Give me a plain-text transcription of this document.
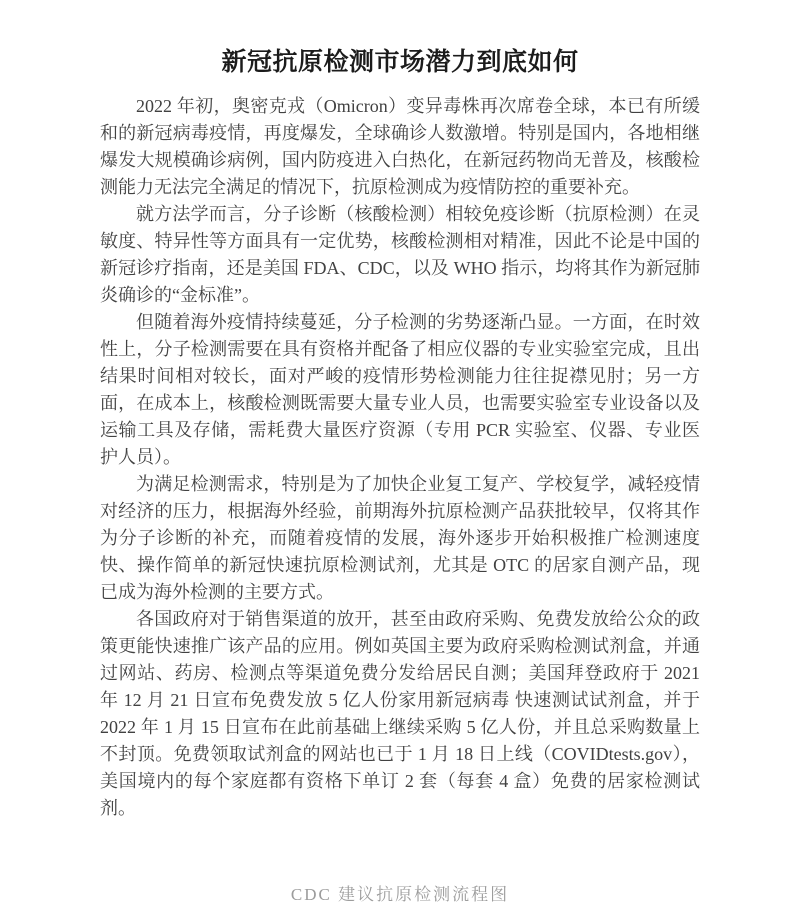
新冠抗原检测市场潜力到底如何

2022 年初，奥密克戎（Omicron）变异毒株再次席卷全球，本已有所缓和的新冠病毒疫情，再度爆发，全球确诊人数激增。特别是国内，各地相继爆发大规模确诊病例，国内防疫进入白热化，在新冠药物尚无普及，核酸检测能力无法完全满足的情况下，抗原检测成为疫情防控的重要补充。

就方法学而言，分子诊断（核酸检测）相较免疫诊断（抗原检测）在灵敏度、特异性等方面具有一定优势，核酸检测相对精准，因此不论是中国的新冠诊疗指南，还是美国 FDA、CDC，以及 WHO 指示，均将其作为新冠肺炎确诊的“金标准”。

但随着海外疫情持续蔓延，分子检测的劣势逐渐凸显。一方面，在时效性上，分子检测需要在具有资格并配备了相应仪器的专业实验室完成，且出结果时间相对较长，面对严峻的疫情形势检测能力往往捉襟见肘；另一方面，在成本上，核酸检测既需要大量专业人员，也需要实验室专业设备以及运输工具及存储，需耗费大量医疗资源（专用 PCR 实验室、仪器、专业医护人员）。

为满足检测需求，特别是为了加快企业复工复产、学校复学，减轻疫情对经济的压力，根据海外经验，前期海外抗原检测产品获批较早，仅将其作为分子诊断的补充，而随着疫情的发展，海外逐步开始积极推广检测速度快、操作简单的新冠快速抗原检测试剂，尤其是 OTC 的居家自测产品，现已成为海外检测的主要方式。

各国政府对于销售渠道的放开，甚至由政府采购、免费发放给公众的政策更能快速推广该产品的应用。例如英国主要为政府采购检测试剂盒，并通过网站、药房、检测点等渠道免费分发给居民自测；美国拜登政府于 2021 年 12 月 21 日宣布免费发放 5 亿人份家用新冠病毒 快速测试试剂盒，并于 2022 年 1 月 15 日宣布在此前基础上继续采购 5 亿人份，并且总采购数量上不封顶。免费领取试剂盒的网站也已于 1 月 18 日上线（COVIDtests.gov），美国境内的每个家庭都有资格下单订 2 套（每套 4 盒）免费的居家检测试剂。

CDC 建议抗原检测流程图
